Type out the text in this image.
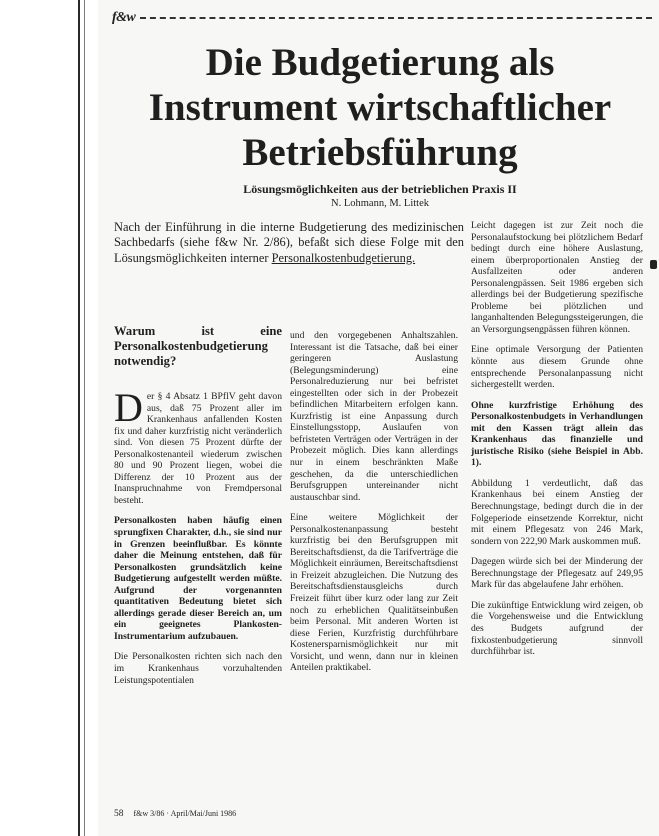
f&w
Die Budgetierung als Instrument wirtschaftlicher Betriebsführung
Lösungsmöglichkeiten aus der betrieblichen Praxis II
N. Lohmann, M. Littek
Nach der Einführung in die interne Budgetierung des medizinischen Sachbedarfs (siehe f&w Nr. 2/86), befaßt sich diese Folge mit den Lösungsmöglichkeiten interner Personalkostenbudgetierung.
Warum ist eine Personalkostenbudgetierung notwendig?

Der § 4 Absatz 1 BPflV geht davon aus, daß 75 Prozent aller im Krankenhaus anfallenden Kosten fix und daher kurzfristig nicht veränderlich sind. Von diesen 75 Prozent dürfte der Personalkostenanteil wiederum zwischen 80 und 90 Prozent liegen, wobei die Differenz der 10 Prozent aus der Inanspruchnahme von Fremdpersonal besteht.

Personalkosten haben häufig einen sprungfixen Charakter, d.h., sie sind nur in Grenzen beeinflußbar. Es könnte daher die Meinung entstehen, daß für Personalkosten grundsätzlich keine Budgetierung aufgestellt werden müßte. Aufgrund der vorgenannten quantitativen Bedeutung bietet sich allerdings gerade dieser Bereich an, um ein geeignetes Plankosten-Instrumentarium aufzubauen.

Die Personalkosten richten sich nach den im Krankenhaus vorzuhaltenden Leistungspotentialen

und den vorgegebenen Anhaltszahlen. Interessant ist die Tatsache, daß bei einer geringeren Auslastung (Belegungsminderung) eine Personalreduzierung nur bei befristet eingestellten oder sich in der Probezeit befindlichen Mitarbeitern erfolgen kann. Kurzfristig ist eine Anpassung durch Einstellungsstopp, Auslaufen von befristeten Verträgen oder Verträgen in der Probezeit möglich. Dies kann allerdings nur in einem beschränkten Maße geschehen, da die unterschiedlichen Berufsgruppen untereinander nicht austauschbar sind.

Eine weitere Möglichkeit der Personalkostenanpassung besteht kurzfristig bei den Berufsgruppen mit Bereitschaftsdienst, da die Tarifverträge die Möglichkeit einräumen, Bereitschaftsdienst in Freizeit abzugleichen. Die Nutzung des Bereitschaftsdienstausgleichs durch Freizeit führt über kurz oder lang zur Zeit noch zu erheblichen Qualitätseinbußen beim Personal. Mit anderen Worten ist diese Ferien, Kurzfristig durchführbare Kostenersparnismöglichkeit nur mit Vorsicht, und wenn, dann nur in kleinen Anteilen praktikabel.

Leicht dagegen ist zur Zeit noch die Personalaufstockung bei plötzlichem Bedarf bedingt durch eine höhere Auslastung, einem überproportionalen Anstieg der Ausfallzeiten oder anderen Personalengpässen. Seit 1986 ergeben sich allerdings bei der Budgetierung spezifische Probleme bei plötzlichen und langanhaltenden Belegungssteigerungen, die an Versorgungsengpässen führen können.

Eine optimale Versorgung der Patienten könnte aus diesem Grunde ohne entsprechende Personalanpassung nicht sichergestellt werden.

Ohne kurzfristige Erhöhung des Personalkostenbudgets in Verhandlungen mit den Kassen trägt allein das Krankenhaus das finanzielle und juristische Risiko (siehe Beispiel in Abb. 1).

Abbildung 1 verdeutlicht, daß das Krankenhaus bei einem Anstieg der Berechnungstage, bedingt durch die in der Folgeperiode einsetzende Korrektur, nicht mit einem Pflegesatz von 246 Mark, sondern von 222,90 Mark auskommen muß.

Dagegen würde sich bei der Minderung der Berechnungstage der Pflegesatz auf 249,95 Mark für das abgelaufene Jahr erhöhen.

Die zukünftige Entwicklung wird zeigen, ob die Vorgehensweise und die Entwicklung des Budgets aufgrund der fixkostenbudgetierung sinnvoll durchführbar ist.

58 f&w 3/86 · April/Mai/Juni 1986
